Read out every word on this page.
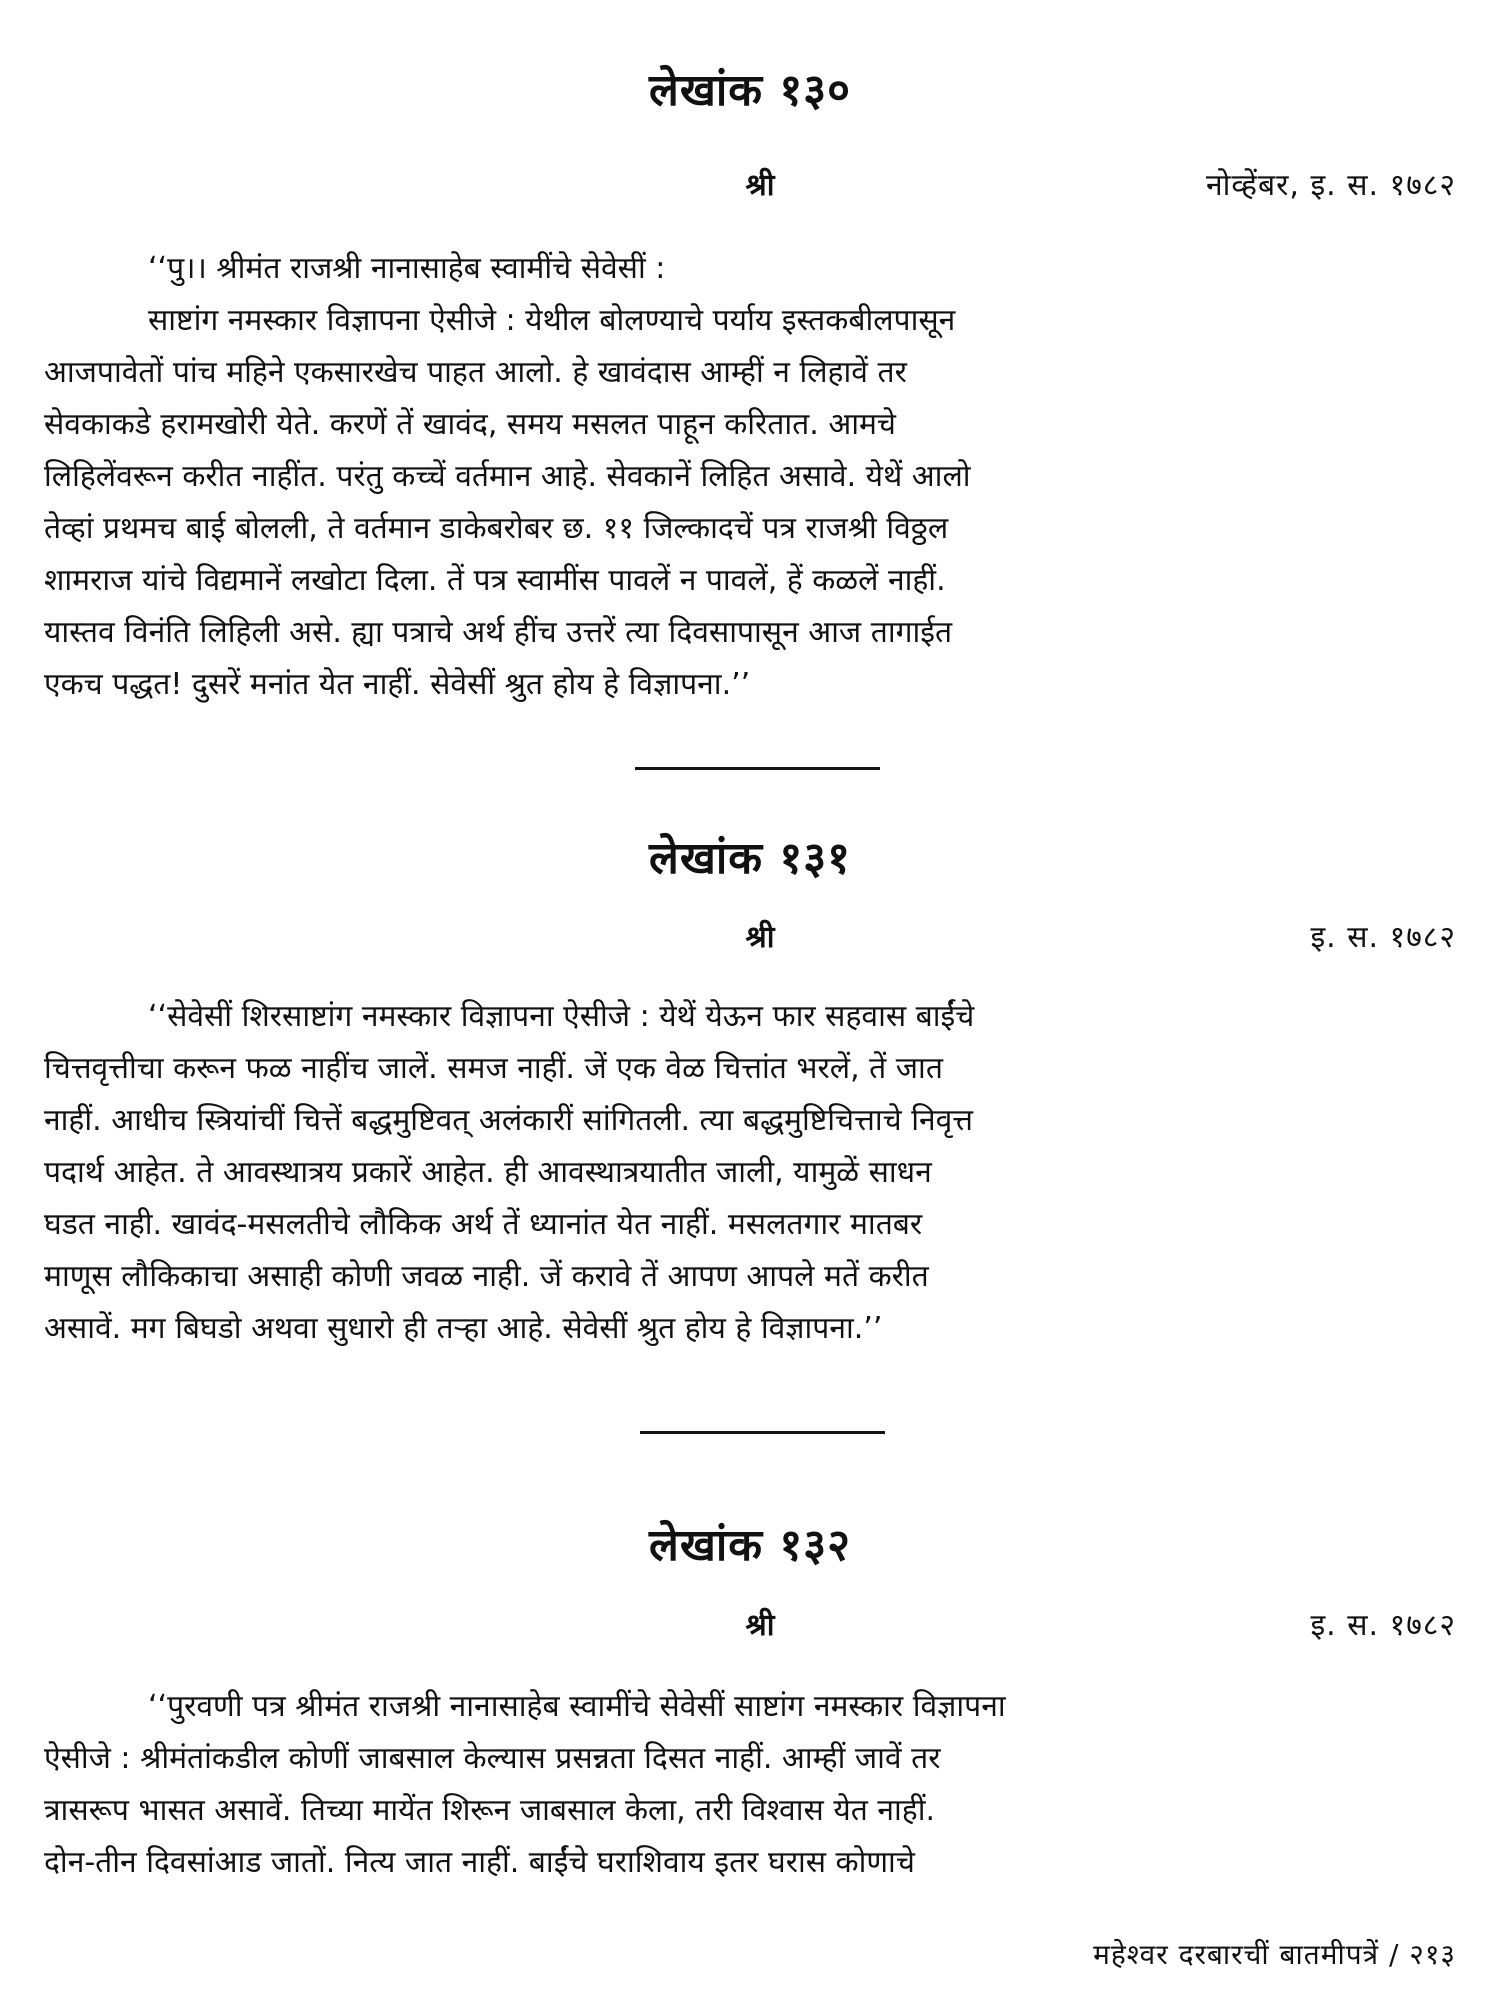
लेखांक १३०
श्री	नोव्हेंबर, इ. स. १७८२
‘‘पु।। श्रीमंत राजश्री नानासाहेब स्वामींचे सेवेसीं :
साष्टांग नमस्कार विज्ञापना ऐसीजे : येथील बोलण्याचे पर्याय इस्तकबीलपासून
आजपावेतों पांच महिने एकसारखेच पाहत आलो. हे खावंदास आम्हीं न लिहावें तर
सेवकाकडे हरामखोरी येते. करणें तें खावंद, समय मसलत पाहून करितात. आमचे
लिहिलेंवरून करीत नाहींत. परंतु कच्चें वर्तमान आहे. सेवकानें लिहित असावे. येथें आलो
तेव्हां प्रथमच बाई बोलली, ते वर्तमान डाकेबरोबर छ. ११ जिल्कादचें पत्र राजश्री विठ्ठल
शामराज यांचे विद्यमानें लखोटा दिला. तें पत्र स्वामींस पावलें न पावलें, हें कळलें नाहीं.
यास्तव विनंति लिहिली असे. ह्या पत्राचे अर्थ हींच उत्तरें त्या दिवसापासून आज तागाईत
एकच पद्धत! दुसरें मनांत येत नाहीं. सेवेसीं श्रुत होय हे विज्ञापना.’’
लेखांक १३१
श्री	इ. स. १७८२
‘‘सेवेसीं शिरसाष्टांग नमस्कार विज्ञापना ऐसीजे : येथें येऊन फार सहवास बाईंचे
चित्तवृत्तीचा करून फळ नाहींच जालें. समज नाहीं. जें एक वेळ चित्तांत भरलें, तें जात
नाहीं. आधीच स्त्रियांचीं चित्तें बद्धमुष्टिवत् अलंकारीं सांगितली. त्या बद्धमुष्टिचित्ताचे निवृत्त
पदार्थ आहेत. ते आवस्थात्रय प्रकारें आहेत. ही आवस्थात्रयातीत जाली, यामुळें साधन
घडत नाही. खावंद-मसलतीचे लौकिक अर्थ तें ध्यानांत येत नाहीं. मसलतगार मातबर
माणूस लौकिकाचा असाही कोणी जवळ नाही. जें करावे तें आपण आपले मतें करीत
असावें. मग बिघडो अथवा सुधारो ही तऱ्हा आहे. सेवेसीं श्रुत होय हे विज्ञापना.’’
लेखांक १३२
श्री	इ. स. १७८२
‘‘पुरवणी पत्र श्रीमंत राजश्री नानासाहेब स्वामींचे सेवेसीं साष्टांग नमस्कार विज्ञापना
ऐसीजे : श्रीमंतांकडील कोणीं जाबसाल केल्यास प्रसन्नता दिसत नाहीं. आम्हीं जावें तर
त्रासरूप भासत असावें. तिच्या मायेंत शिरून जाबसाल केला, तरी विश्वास येत नाहीं.
दोन-तीन दिवसांआड जातों. नित्य जात नाहीं. बाईंचे घराशिवाय इतर घरास कोणाचे
महेश्वर दरबारचीं बातमीपत्रें / २१३
